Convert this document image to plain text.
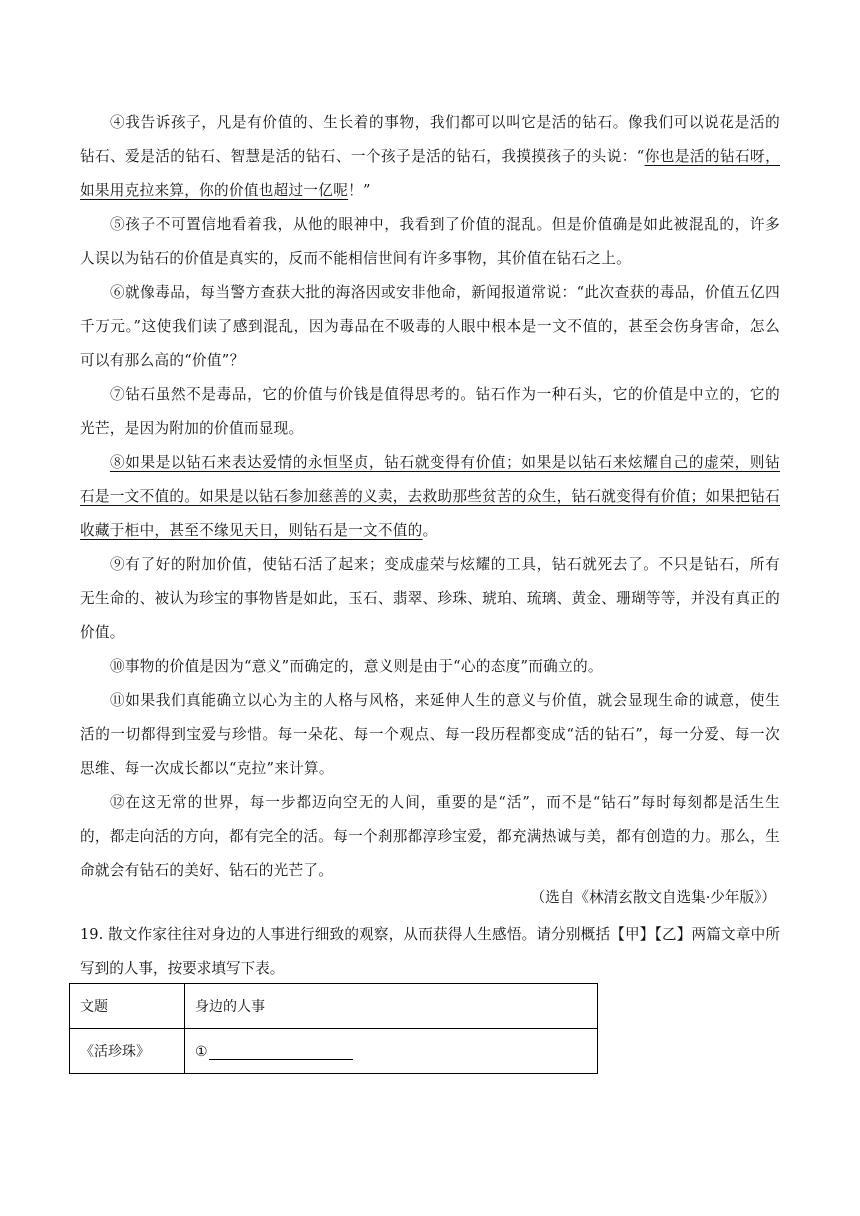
④我告诉孩子，凡是有价值的、生长着的事物，我们都可以叫它是活的钻石。像我们可以说花是活的钻石、爱是活的钻石、智慧是活的钻石、一个孩子是活的钻石，我摸摸孩子的头说：“你也是活的钻石呀，如果用克拉来算，你的价值也超过一亿呢！”

⑤孩子不可置信地看着我，从他的眼神中，我看到了价值的混乱。但是价值确是如此被混乱的，许多人误以为钻石的价值是真实的，反而不能相信世间有许多事物，其价值在钻石之上。

⑥就像毒品，每当警方查获大批的海洛因或安非他命，新闻报道常说：“此次查获的毒品，价值五亿四千万元。”这使我们读了感到混乱，因为毒品在不吸毒的人眼中根本是一文不值的，甚至会伤身害命，怎么可以有那么高的“价值”？

⑦钻石虽然不是毒品，它的价值与价钱是值得思考的。钻石作为一种石头，它的价值是中立的，它的光芒，是因为附加的价值而显现。

⑧如果是以钻石来表达爱情的永恒坚贞，钻石就变得有价值；如果是以钻石来炫耀自己的虚荣，则钻石是一文不值的。如果是以钻石参加慈善的义卖，去救助那些贫苦的众生，钻石就变得有价值；如果把钻石收藏于柜中，甚至不缘见天日，则钻石是一文不值的。

⑨有了好的附加价值，使钻石活了起来；变成虚荣与炫耀的工具，钻石就死去了。不只是钻石，所有无生命的、被认为珍宝的事物皆是如此，玉石、翡翠、珍珠、琥珀、琉璃、黄金、珊瑚等等，并没有真正的价值。

⑩事物的价值是因为“意义”而确定的，意义则是由于“心的态度”而确立的。

⑪如果我们真能确立以心为主的人格与风格，来延伸人生的意义与价值，就会显现生命的诚意，使生活的一切都得到宝爱与珍惜。每一朵花、每一个观点、每一段历程都变成“活的钻石”，每一分爱、每一次思维、每一次成长都以“克拉”来计算。

⑫在这无常的世界，每一步都迈向空无的人间，重要的是“活”，而不是“钻石”每时每刻都是活生生的，都走向活的方向，都有完全的活。每一个刹那都淳珍宝爱，都充满热诚与美，都有创造的力。那么，生命就会有钻石的美好、钻石的光芒了。

（选自《林清玄散文自选集·少年版》）

19. 散文作家往往对身边的人事进行细致的观察，从而获得人生感悟。请分别概括【甲】【乙】两篇文章中所写到的人事，按要求填写下表。

文题	身边的人事
《活珍珠》	①
